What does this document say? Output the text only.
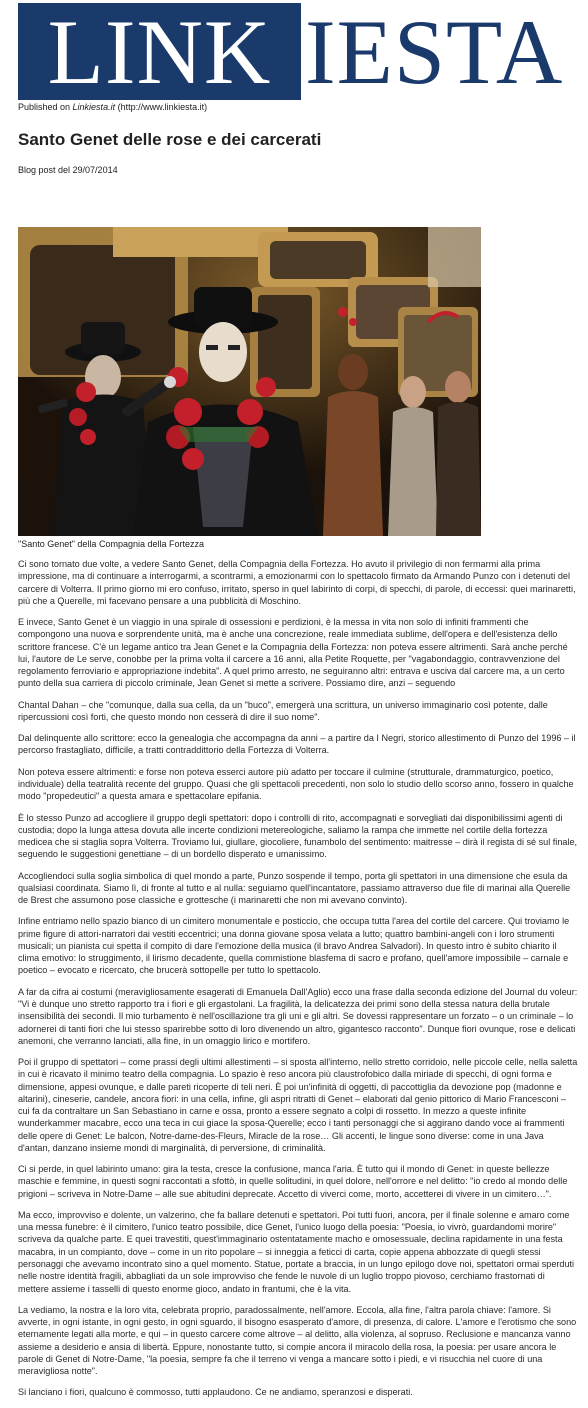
LINK IESTA
Published on Linkiesta.it (http://www.linkiesta.it)
Santo Genet delle rose e dei carcerati
Blog post del 29/07/2014
"Santo Genet" della Compagnia della Fortezza

Ci sono tornato due volte, a vedere Santo Genet, della Compagnia della Fortezza. Ho avuto il privilegio di non fermarmi alla prima impressione, ma di continuare a interrogarmi, a scontrarmi, a emozionarmi con lo spettacolo firmato da Armando Punzo con i detenuti del carcere di Volterra. Il primo giorno mi ero confuso, irritato, sperso in quel labirinto di corpi, di specchi, di parole, di eccessi: quei marinaretti, più che a Querelle, mi facevano pensare a una pubblicità di Moschino.

E invece, Santo Genet è un viaggio in una spirale di ossessioni e perdizioni, è la messa in vita non solo di infiniti frammenti che compongono una nuova e sorprendente unità, ma è anche una concrezione, reale immediata sublime, dell'opera e dell'esistenza dello scrittore francese. C'è un legame antico tra Jean Genet e la Compagnia della Fortezza: non poteva essere altrimenti. Sarà anche perché lui, l'autore de Le serve, conobbe per la prima volta il carcere a 16 anni, alla Petite Roquette, per "vagabondaggio, contravvenzione del regolamento ferroviario e appropriazione indebita". A quel primo arresto, ne seguiranno altri: entrava e usciva dal carcere ma, a un certo punto della sua carriera di piccolo criminale, Jean Genet si mette a scrivere. Possiamo dire, anzi – seguendo

Chantal Dahan – che "comunque, dalla sua cella, da un "buco", emergerà una scrittura, un universo immaginario così potente, dalle ripercussioni così forti, che questo mondo non cesserà di dire il suo nome".

Dal delinquente allo scrittore: ecco la genealogia che accompagna da anni – a partire da I Negri, storico allestimento di Punzo del 1996 – il percorso frastagliato, difficile, a tratti contraddittorio della Fortezza di Volterra.

Non poteva essere altrimenti: e forse non poteva esserci autore più adatto per toccare il culmine (strutturale, drammaturgico, poetico, individuale) della teatralità recente del gruppo. Quasi che gli spettacoli precedenti, non solo lo studio dello scorso anno, fossero in qualche modo "propedeutici" a questa amara e spettacolare epifania.

È lo stesso Punzo ad accogliere il gruppo degli spettatori: dopo i controlli di rito, accompagnati e sorvegliati dai disponibilissimi agenti di custodia; dopo la lunga attesa dovuta alle incerte condizioni metereologiche, saliamo la rampa che immette nel cortile della fortezza medicea che si staglia sopra Volterra. Troviamo lui, giullare, giocoliere, funambolo del sentimento: maitresse – dirà il regista di sé sul finale, seguendo le suggestioni genettiane – di un bordello disperato e umanissimo.

Accogliendoci sulla soglia simbolica di quel mondo a parte, Punzo sospende il tempo, porta gli spettatori in una dimensione che esula da qualsiasi coordinata. Siamo lì, di fronte al tutto e al nulla: seguiamo quell'incantatore, passiamo attraverso due file di marinai alla Querelle de Brest che assumono pose classiche e grottesche (i marinaretti che non mi avevano convinto).

Infine entriamo nello spazio bianco di un cimitero monumentale e posticcio, che occupa tutta l'area del cortile del carcere. Qui troviamo le prime figure di attori-narratori dai vestiti eccentrici; una donna giovane sposa velata a lutto; quattro bambini-angeli con i loro strumenti musicali; un pianista cui spetta il compito di dare l'emozione della musica (il bravo Andrea Salvadori). In questo intro è subito chiarito il clima emotivo: lo struggimento, il lirismo decadente, quella commistione blasfema di sacro e profano, quell'amore impossibile – carnale e poetico – evocato e ricercato, che brucerà sottopelle per tutto lo spettacolo.

A far da cifra ai costumi (meravigliosamente esagerati di Emanuela Dall'Aglio) ecco una frase dalla seconda edizione del Journal du voleur: "Vi è dunque uno stretto rapporto tra i fiori e gli ergastolani. La fragilità, la delicatezza dei primi sono della stessa natura della brutale insensibilità dei secondi. Il mio turbamento è nell'oscillazione tra gli uni e gli altri. Se dovessi rappresentare un forzato – o un criminale – lo adornerei di tanti fiori che lui stesso sparirebbe sotto di loro divenendo un altro, gigantesco racconto". Dunque fiori ovunque, rose e delicati anemoni, che verranno lanciati, alla fine, in un omaggio lirico e mortifero.

Poi il gruppo di spettatori – come prassi degli ultimi allestimenti – si sposta all'interno, nello stretto corridoio, nelle piccole celle, nella saletta in cui è ricavato il minimo teatro della compagnia. Lo spazio è reso ancora più claustrofobico dalla miriade di specchi, di ogni forma e dimensione, appesi ovunque, e dalle pareti ricoperte di teli neri. È poi un'infinità di oggetti, di paccottiglia da devozione pop (madonne e altarini), cineserie, candele, ancora fiori: in una cella, infine, gli aspri ritratti di Genet – elaborati dal genio pittorico di Mario Francesconi – cui fa da contraltare un San Sebastiano in carne e ossa, pronto a essere segnato a colpi di rossetto. In mezzo a queste infinite wunderkammer macabre, ecco una teca in cui giace la sposa-Querelle; ecco i tanti personaggi che si aggirano dando voce ai frammenti delle opere di Genet: Le balcon, Notre-dame-des-Fleurs, Miracle de la rose… Gli accenti, le lingue sono diverse: come in una Java d'antan, danzano insieme mondi di marginalità, di perversione, di criminalità.

Ci si perde, in quel labirinto umano: gira la testa, cresce la confusione, manca l'aria. È tutto qui il mondo di Genet: in queste bellezze maschie e femmine, in questi sogni raccontati a sfottò, in quelle solitudini, in quel dolore, nell'orrore e nel delitto: "io credo al mondo delle prigioni – scriveva in Notre-Dame – alle sue abitudini deprecate. Accetto di viverci come, morto, accetterei di vivere in un cimitero…".

Ma ecco, improvviso e dolente, un valzerino, che fa ballare detenuti e spettatori. Poi tutti fuori, ancora, per il finale solenne e amaro come una messa funebre: è il cimitero, l'unico teatro possibile, dice Genet, l'unico luogo della poesia: "Poesia, io vivrò, guardandomi morire" scriveva da qualche parte. E quei travestiti, quest'immaginario ostentatamente macho e omosessuale, declina rapidamente in una festa macabra, in un compianto, dove – come in un rito popolare – si inneggia a feticci di carta, copie appena abbozzate di quegli stessi personaggi che avevamo incontrato sino a quel momento. Statue, portate a braccia, in un lungo epilogo dove noi, spettatori ormai sperduti nelle nostre identità fragili, abbagliati da un sole improvviso che fende le nuvole di un luglio troppo piovoso, cerchiamo frastornati di mettere assieme i tasselli di questo enorme gioco, andato in frantumi, che è la vita.

La vediamo, la nostra e la loro vita, celebrata proprio, paradossalmente, nell'amore. Eccola, alla fine, l'altra parola chiave: l'amore. Si avverte, in ogni istante, in ogni gesto, in ogni sguardo, il bisogno esasperato d'amore, di presenza, di calore. L'amore e l'erotismo che sono eternamente legati alla morte, e qui – in questo carcere come altrove – al delitto, alla violenza, al sopruso. Reclusione e mancanza vanno assieme a desiderio e ansia di libertà. Eppure, nonostante tutto, si compie ancora il miracolo della rosa, la poesia: per usare ancora le parole di Genet di Notre-Dame, "la poesia, sempre fa che il terreno vi venga a mancare sotto i piedi, e vi risucchia nel cuore di una meravigliosa notte".

Si lanciano i fiori, qualcuno è commosso, tutti applaudono. Ce ne andiamo, speranzosi e disperati.
